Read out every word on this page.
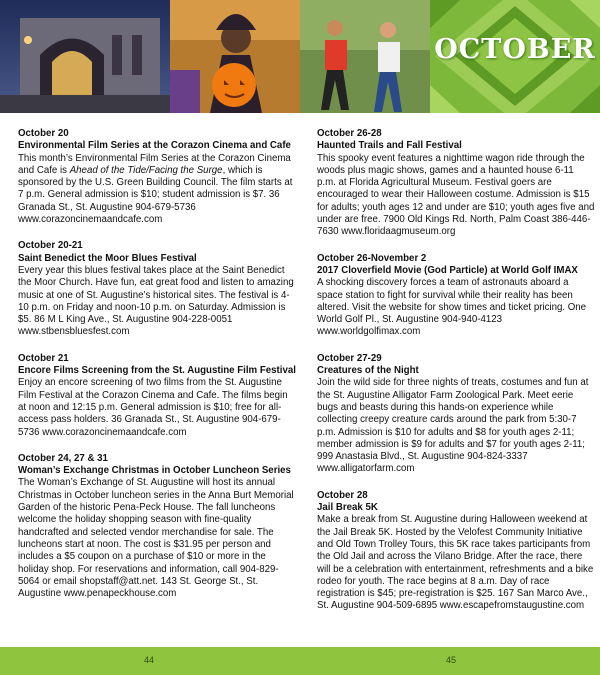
OCTOBER
October 20
Environmental Film Series at the Corazon Cinema and Cafe
This month’s Environmental Film Series at the Corazon Cinema and Cafe is Ahead of the Tide/Facing the Surge, which is sponsored by the U.S. Green Building Council. The film starts at 7 p.m. General admission is $10; student admission is $7. 36 Granada St., St. Augustine 904-679-5736 www.corazoncinemaandcafe.com
October 20-21
Saint Benedict the Moor Blues Festival
Every year this blues festival takes place at the Saint Benedict the Moor Church. Have fun, eat great food and listen to amazing music at one of St. Augustine’s historical sites. The festival is 4-10 p.m. on Friday and noon-10 p.m. on Saturday. Admission is $5. 86 M L King Ave., St. Augustine 904-228-0051 www.stbensbluesfest.com
October 21
Encore Films Screening from the St. Augustine Film Festival
Enjoy an encore screening of two films from the St. Augustine Film Festival at the Corazon Cinema and Cafe. The films begin at noon and 12:15 p.m. General admission is $10; free for all-access pass holders. 36 Granada St., St. Augustine 904-679-5736 www.corazoncinemaandcafe.com
October 24, 27 & 31
Woman’s Exchange Christmas in October Luncheon Series
The Woman’s Exchange of St. Augustine will host its annual Christmas in October luncheon series in the Anna Burt Memorial Garden of the historic Pena-Peck House. The fall luncheons welcome the holiday shopping season with fine-quality handcrafted and selected vendor merchandise for sale. The luncheons start at noon. The cost is $31.95 per person and includes a $5 coupon on a purchase of $10 or more in the holiday shop. For reservations and information, call 904-829-5064 or email shopstaff@att.net. 143 St. George St., St. Augustine www.penapeckhouse.com
October 26-28
Haunted Trails and Fall Festival
This spooky event features a nighttime wagon ride through the woods plus magic shows, games and a haunted house 6-11 p.m. at Florida Agricultural Museum. Festival goers are encouraged to wear their Halloween costume. Admission is $15 for adults; youth ages 12 and under are $10; youth ages five and under are free. 7900 Old Kings Rd. North, Palm Coast 386-446-7630 www.floridaagmuseum.org
October 26-November 2
2017 Cloverfield Movie (God Particle) at World Golf IMAX
A shocking discovery forces a team of astronauts aboard a space station to fight for survival while their reality has been altered. Visit the website for show times and ticket pricing. One World Golf Pl., St. Augustine 904-940-4123 www.worldgolfimax.com
October 27-29
Creatures of the Night
Join the wild side for three nights of treats, costumes and fun at the St. Augustine Alligator Farm Zoological Park. Meet eerie bugs and beasts during this hands-on experience while collecting creepy creature cards around the park from 5:30-7 p.m. Admission is $10 for adults and $8 for youth ages 2-11; member admission is $9 for adults and $7 for youth ages 2-11; 999 Anastasia Blvd., St. Augustine 904-824-3337 www.alligatorfarm.com
October 28
Jail Break 5K
Make a break from St. Augustine during Halloween weekend at the Jail Break 5K. Hosted by the Velofest Community Initiative and Old Town Trolley Tours, this 5K race takes participants from the Old Jail and across the Vilano Bridge. After the race, there will be a celebration with entertainment, refreshments and a bike rodeo for youth. The race begins at 8 a.m. Day of race registration is $45; pre-registration is $25. 167 San Marco Ave., St. Augustine 904-509-6895 www.escapefromstaugustine.com
44	45
